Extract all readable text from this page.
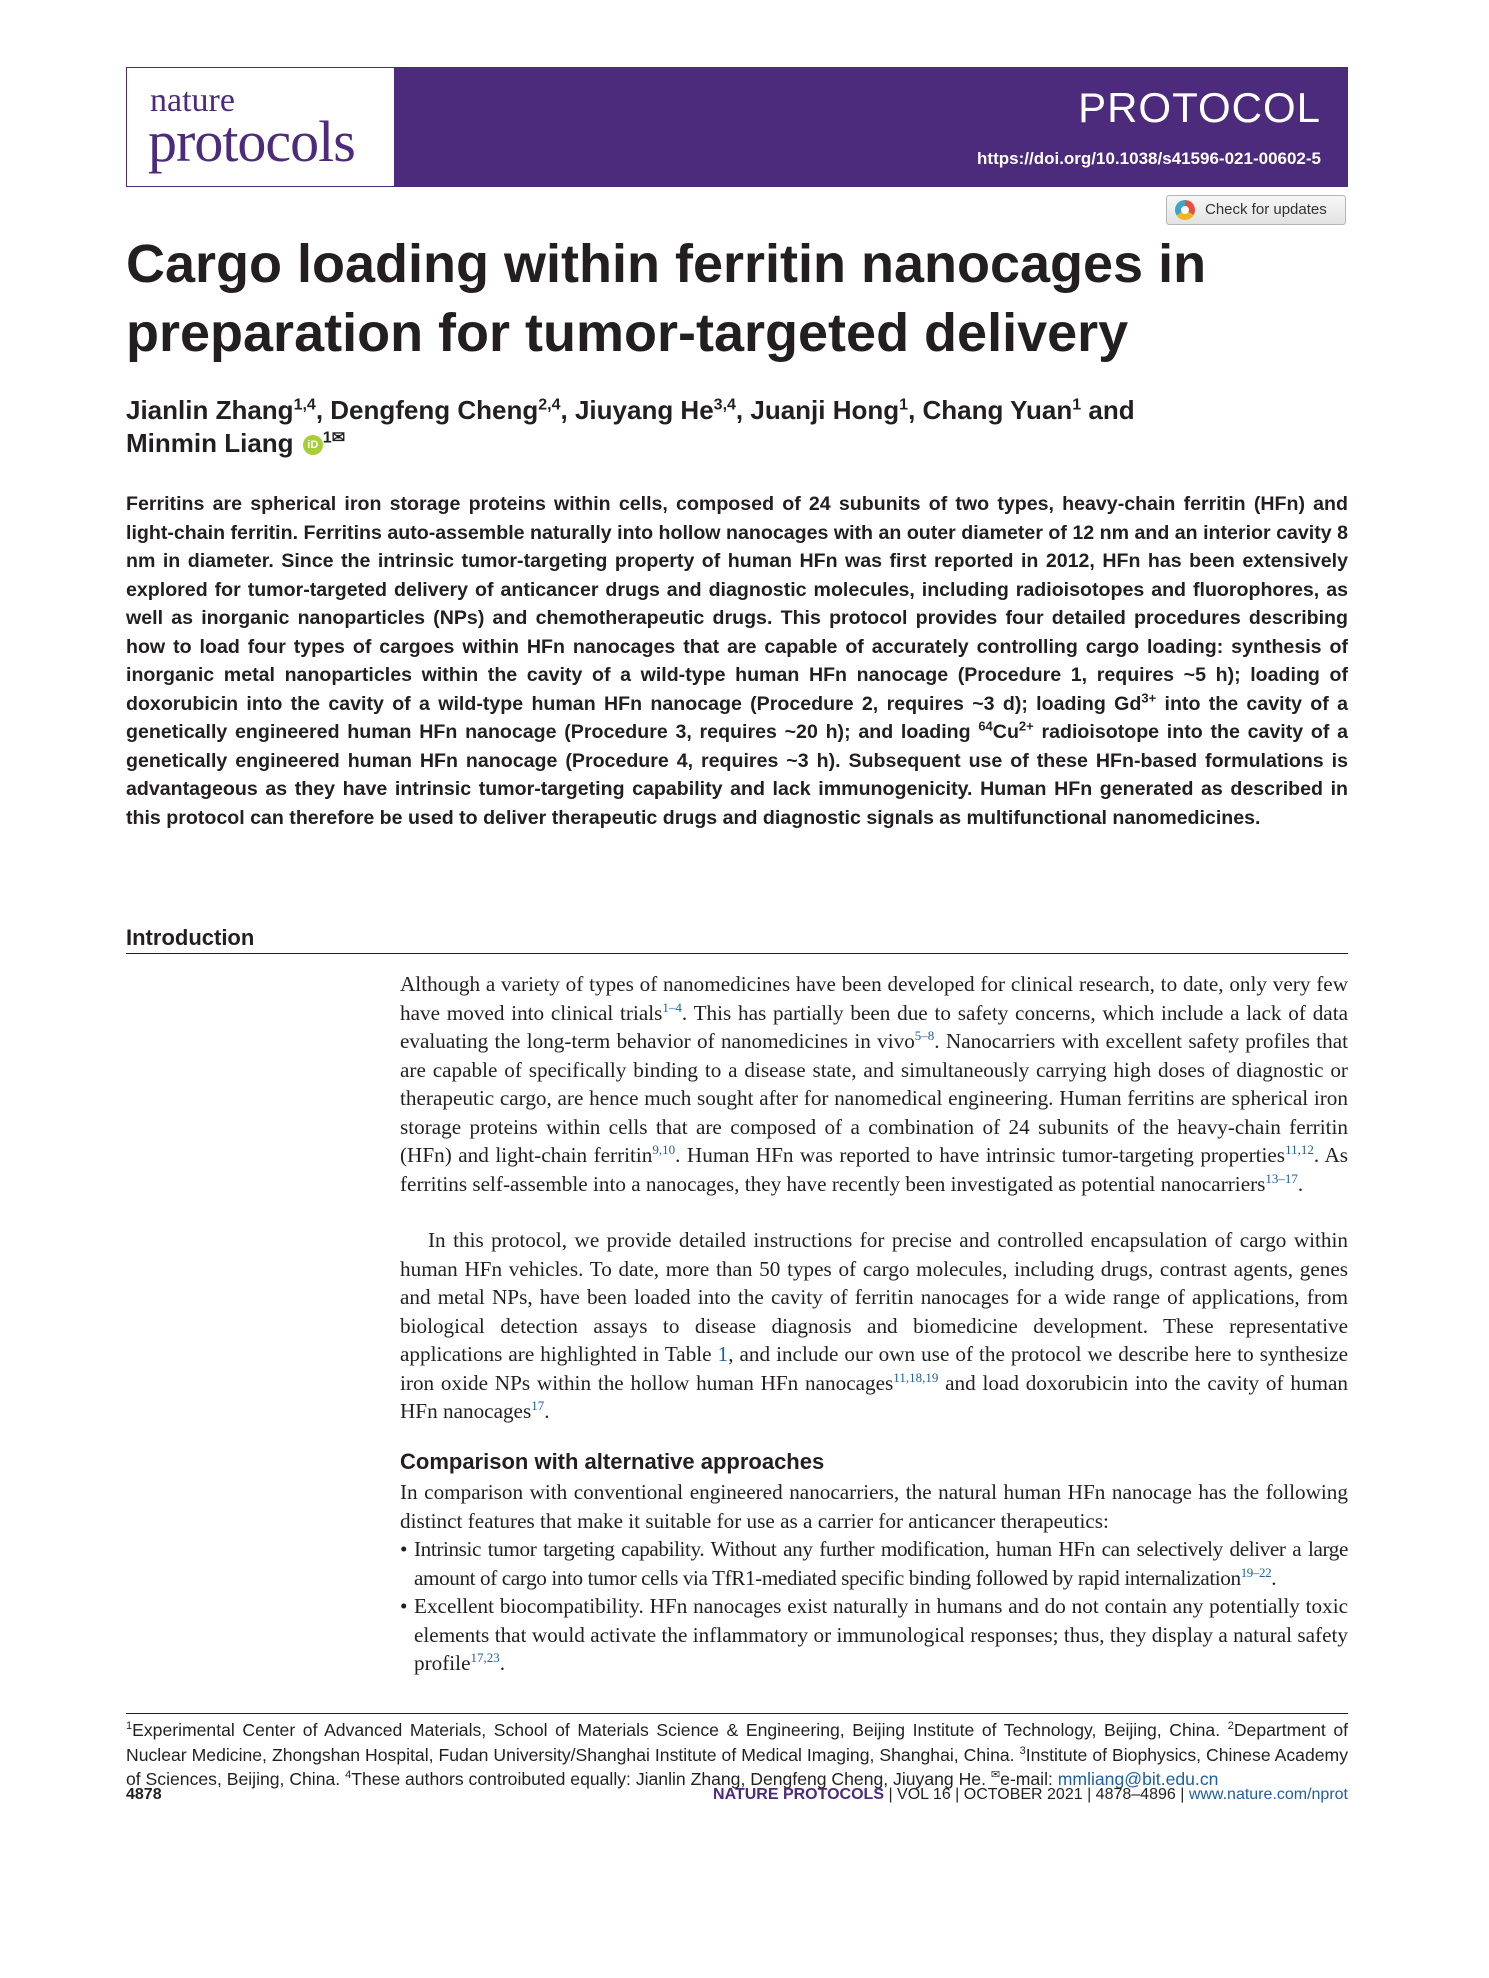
nature
protocols
PROTOCOL
https://doi.org/10.1038/s41596-021-00602-5
Check for updates
Cargo loading within ferritin nanocages in preparation for tumor-targeted delivery
Jianlin Zhang$^{1,4}$, Dengfeng Cheng$^{2,4}$, Jiuyang He$^{3,4}$, Juanji Hong$^1$, Chang Yuan$^1$ and
Minmin Liang iD $^{1✉}$
Ferritins are spherical iron storage proteins within cells, composed of 24 subunits of two types, heavy-chain ferritin (HFn) and light-chain ferritin. Ferritins auto-assemble naturally into hollow nanocages with an outer diameter of 12 nm and an interior cavity 8 nm in diameter. Since the intrinsic tumor-targeting property of human HFn was first reported in 2012, HFn has been extensively explored for tumor-targeted delivery of anticancer drugs and diagnostic molecules, including radioisotopes and fluorophores, as well as inorganic nanoparticles (NPs) and chemotherapeutic drugs. This protocol provides four detailed procedures describing how to load four types of cargoes within HFn nanocages that are capable of accurately controlling cargo loading: synthesis of inorganic metal nanoparticles within the cavity of a wild-type human HFn nanocage (Procedure 1, requires ~5 h); loading of doxorubicin into the cavity of a wild-type human HFn nanocage (Procedure 2, requires ~3 d); loading $Gd^{3+}$ into the cavity of a genetically engineered human HFn nanocage (Procedure 3, requires ~20 h); and loading $^{64}Cu^{2+}$ radioisotope into the cavity of a genetically engineered human HFn nanocage (Procedure 4, requires ~3 h). Subsequent use of these HFn-based formulations is advantageous as they have intrinsic tumor-targeting capability and lack immunogenicity. Human HFn generated as described in this protocol can therefore be used to deliver therapeutic drugs and diagnostic signals as multifunctional nanomedicines.
Introduction
Although a variety of types of nanomedicines have been developed for clinical research, to date, only very few have moved into clinical trials$^{1-4}$. This has partially been due to safety concerns, which include a lack of data evaluating the long-term behavior of nanomedicines in vivo$^{5-8}$. Nanocarriers with excellent safety profiles that are capable of specifically binding to a disease state, and simultaneously carrying high doses of diagnostic or therapeutic cargo, are hence much sought after for nanomedical engineering. Human ferritins are spherical iron storage proteins within cells that are composed of a combination of 24 subunits of the heavy-chain ferritin (HFn) and light-chain ferritin$^{9,10}$. Human HFn was reported to have intrinsic tumor-targeting properties$^{11,12}$. As ferritins self-assemble into a nanocages, they have recently been investigated as potential nanocarriers$^{13-17}$.
In this protocol, we provide detailed instructions for precise and controlled encapsulation of cargo within human HFn vehicles. To date, more than 50 types of cargo molecules, including drugs, contrast agents, genes and metal NPs, have been loaded into the cavity of ferritin nanocages for a wide range of applications, from biological detection assays to disease diagnosis and biomedicine development. These representative applications are highlighted in Table 1, and include our own use of the protocol we describe here to synthesize iron oxide NPs within the hollow human HFn nanocages$^{11,18,19}$ and load doxorubicin into the cavity of human HFn nanocages$^{17}$.
Comparison with alternative approaches
In comparison with conventional engineered nanocarriers, the natural human HFn nanocage has the following distinct features that make it suitable for use as a carrier for anticancer therapeutics:
• Intrinsic tumor targeting capability. Without any further modification, human HFn can selectively deliver a large amount of cargo into tumor cells via TfR1-mediated specific binding followed by rapid internalization$^{19-22}$.
• Excellent biocompatibility. HFn nanocages exist naturally in humans and do not contain any potentially toxic elements that would activate the inflammatory or immunological responses; thus, they display a natural safety profile$^{17,23}$.
$^1$Experimental Center of Advanced Materials, School of Materials Science & Engineering, Beijing Institute of Technology, Beijing, China. $^2$Department of Nuclear Medicine, Zhongshan Hospital, Fudan University/Shanghai Institute of Medical Imaging, Shanghai, China. $^3$Institute of Biophysics, Chinese Academy of Sciences, Beijing, China. $^4$These authors controibuted equally: Jianlin Zhang, Dengfeng Cheng, Jiuyang He. ✉e-mail: mmliang@bit.edu.cn
4878	NATURE PROTOCOLS | VOL 16 | OCTOBER 2021 | 4878–4896 | www.nature.com/nprot
